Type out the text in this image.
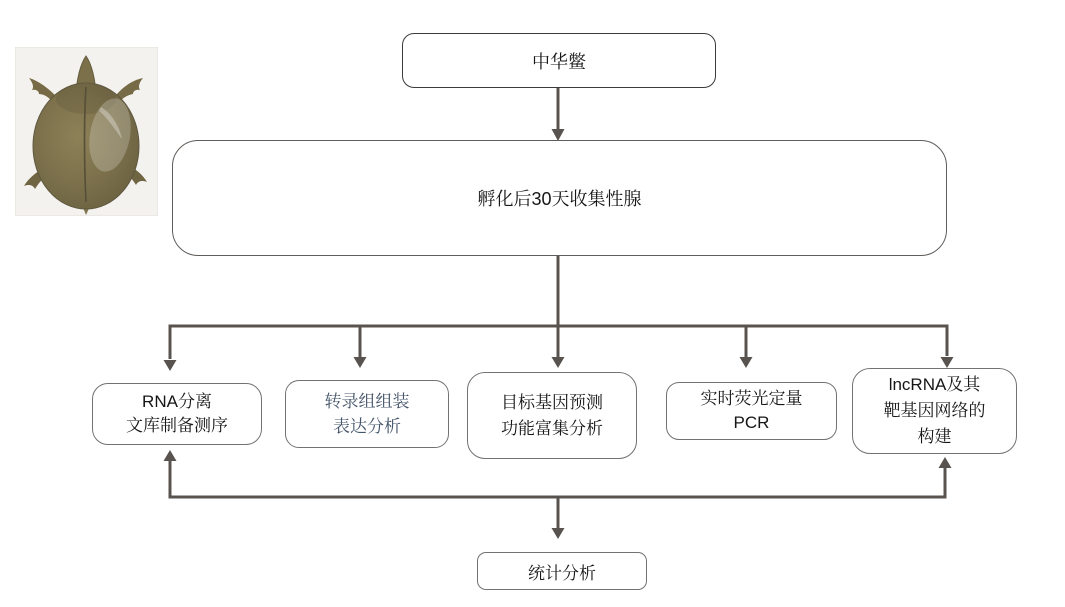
中华鳖
孵化后30天收集性腺
RNA分离
文库制备测序
转录组组装
表达分析
目标基因预测
功能富集分析
实时荧光定量
PCR
lncRNA及其
靶基因网络的
构建
统计分析
